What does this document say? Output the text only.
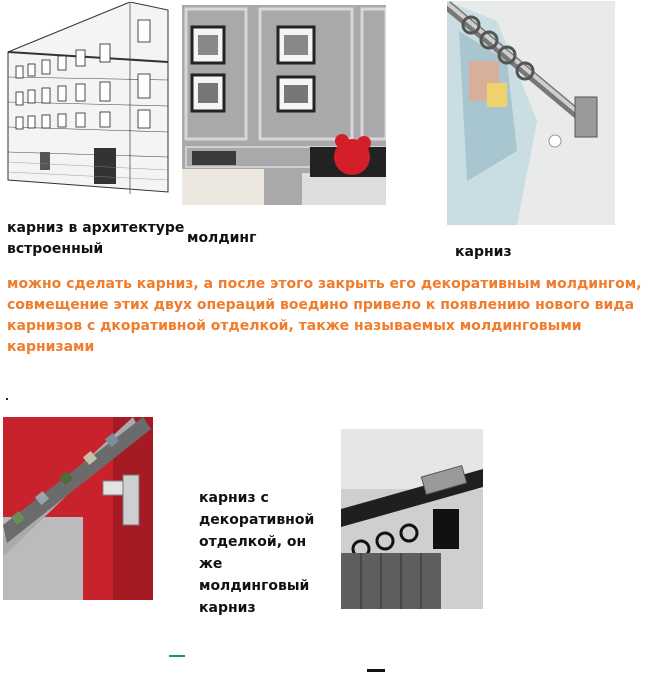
карниз в архитектуре встроенный
молдинг
карниз
можно сделать карниз, а после этого закрыть его декоративным молдингом, совмещение этих двух операций воедино привело к появлению нового вида карнизов с дкоративной отделкой, также называемых молдинговыми карнизами
карниз с декоративной отделкой, он же молдинговый карниз
